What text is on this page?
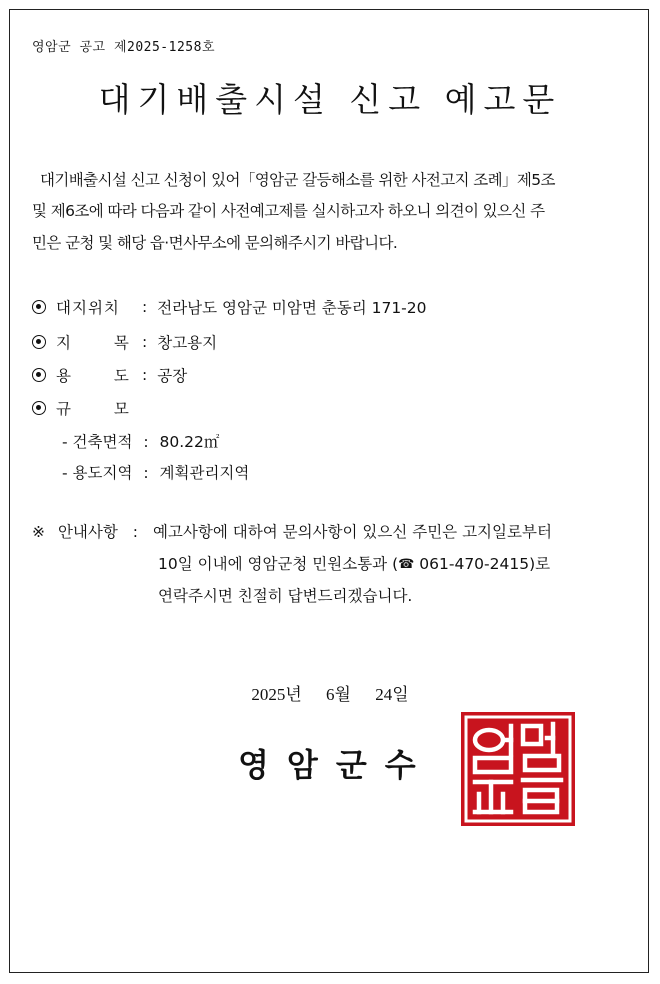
영암군 공고 제2025-1258호
대기배출시설 신고 예고문
대기배출시설 신고 신청이 있어「영암군 갈등해소를 위한 사전고지 조례」제5조
및 제6조에 따라 다음과 같이 사전예고제를 실시하고자 하오니 의견이 있으신 주
민은 군청 및 해당 읍·면사무소에 문의해주시기 바랍니다.
대지위치	: 전라남도 영암군 미암면 춘동리 171-20
지 목 : 창고용지
용 도 : 공장
규 모
- 건축면적 : 80.22㎡
- 용도지역 : 계획관리지역
※ 안내사항 : 예고사항에 대하여 문의사항이 있으신 주민은 고지일로부터
10일 이내에 영암군청 민원소통과 (☎ 061-470-2415)로
연락주시면 친절히 답변드리겠습니다.
2025년 6월 24일
영암군수
